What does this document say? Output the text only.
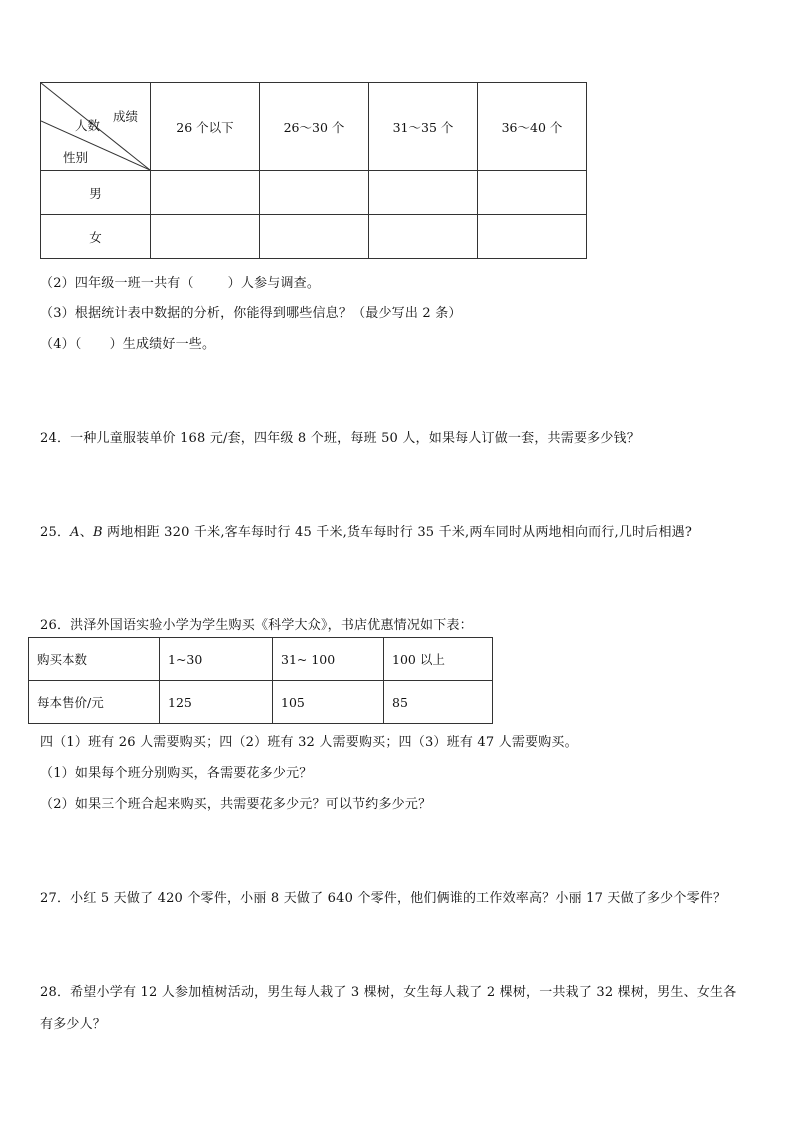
成绩
人数
性别	26 个以下	26～30 个	31～35 个	36～40 个
男				
女				
（2）四年级一班一共有（	）人参与调查。
（3）根据统计表中数据的分析，你能得到哪些信息？（最少写出 2 条）
（4）（ ）生成绩好一些。
24．一种儿童服装单价 168 元/套，四年级 8 个班，每班 50 人，如果每人订做一套，共需要多少钱？
25．A、B 两地相距 320 千米,客车每时行 45 千米,货车每时行 35 千米,两车同时从两地相向而行,几时后相遇?
26．洪泽外国语实验小学为学生购买《科学大众》，书店优惠情况如下表：
购买本数	1~30	31~ 100	100 以上
每本售价/元	125	105	85
四（1）班有 26 人需要购买；四（2）班有 32 人需要购买；四（3）班有 47 人需要购买。
（1）如果每个班分别购买，各需要花多少元？
（2）如果三个班合起来购买，共需要花多少元？可以节约多少元？
27．小红 5 天做了 420 个零件，小丽 8 天做了 640 个零件，他们俩谁的工作效率高？小丽 17 天做了多少个零件？
28．希望小学有 12 人参加植树活动，男生每人栽了 3 棵树，女生每人栽了 2 棵树，一共栽了 32 棵树，男生、女生各
有多少人？
